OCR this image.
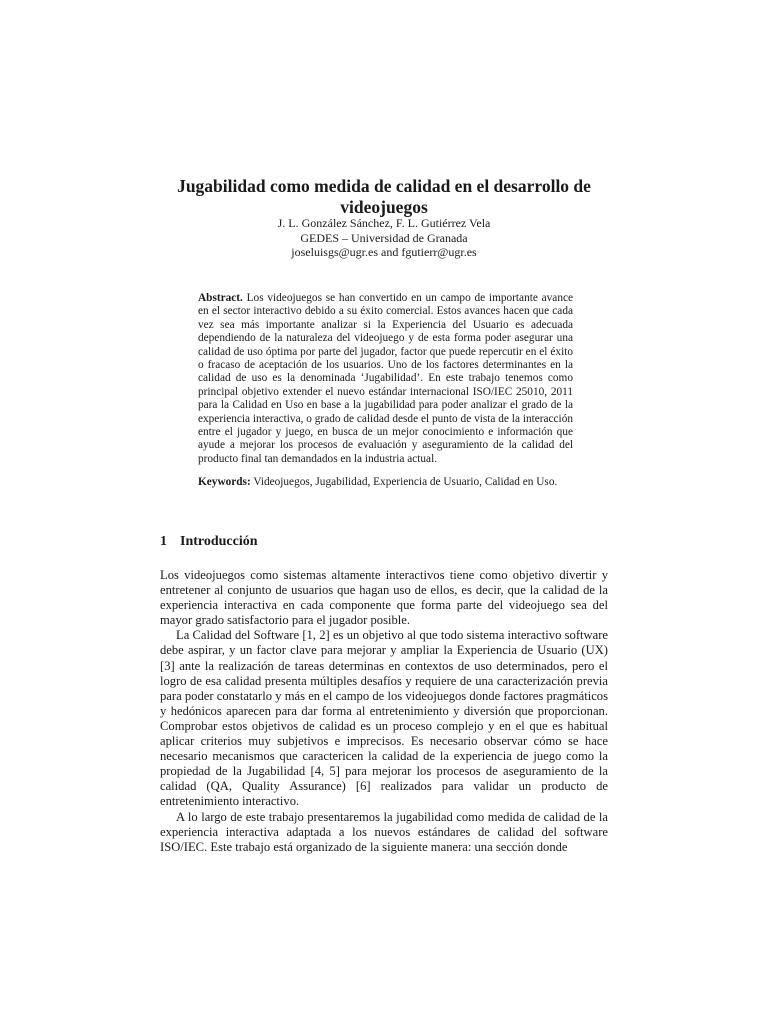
Jugabilidad como medida de calidad en el desarrollo de videojuegos
J. L. González Sánchez, F. L. Gutiérrez Vela
GEDES – Universidad de Granada
joseluisgs@ugr.es and fgutierr@ugr.es
Abstract. Los videojuegos se han convertido en un campo de importante avance en el sector interactivo debido a su éxito comercial. Estos avances hacen que cada vez sea más importante analizar si la Experiencia del Usuario es adecuada dependiendo de la naturaleza del videojuego y de esta forma poder asegurar una calidad de uso óptima por parte del jugador, factor que puede repercutir en el éxito o fracaso de aceptación de los usuarios. Uno de los factores determinantes en la calidad de uso es la denominada ‘Jugabilidad’. En este trabajo tenemos como principal objetivo extender el nuevo estándar internacional ISO/IEC 25010, 2011 para la Calidad en Uso en base a la jugabilidad para poder analizar el grado de la experiencia interactiva, o grado de calidad desde el punto de vista de la interacción entre el jugador y juego, en busca de un mejor conocimiento e información que ayude a mejorar los procesos de evaluación y aseguramiento de la calidad del producto final tan demandados en la industria actual.
Keywords: Videojuegos, Jugabilidad, Experiencia de Usuario, Calidad en Uso.
1 Introducción

Los videojuegos como sistemas altamente interactivos tiene como objetivo divertir y entretener al conjunto de usuarios que hagan uso de ellos, es decir, que la calidad de la experiencia interactiva en cada componente que forma parte del videojuego sea del mayor grado satisfactorio para el jugador posible.

La Calidad del Software [1, 2] es un objetivo al que todo sistema interactivo software debe aspirar, y un factor clave para mejorar y ampliar la Experiencia de Usuario (UX) [3] ante la realización de tareas determinas en contextos de uso determinados, pero el logro de esa calidad presenta múltiples desafíos y requiere de una caracterización previa para poder constatarlo y más en el campo de los videojuegos donde factores pragmáticos y hedónicos aparecen para dar forma al entretenimiento y diversión que proporcionan. Comprobar estos objetivos de calidad es un proceso complejo y en el que es habitual aplicar criterios muy subjetivos e imprecisos. Es necesario observar cómo se hace necesario mecanismos que caractericen la calidad de la experiencia de juego como la propiedad de la Jugabilidad [4, 5] para mejorar los procesos de aseguramiento de la calidad (QA, Quality Assurance) [6] realizados para validar un producto de entretenimiento interactivo.

A lo largo de este trabajo presentaremos la jugabilidad como medida de calidad de la experiencia interactiva adaptada a los nuevos estándares de calidad del software ISO/IEC. Este trabajo está organizado de la siguiente manera: una sección donde
